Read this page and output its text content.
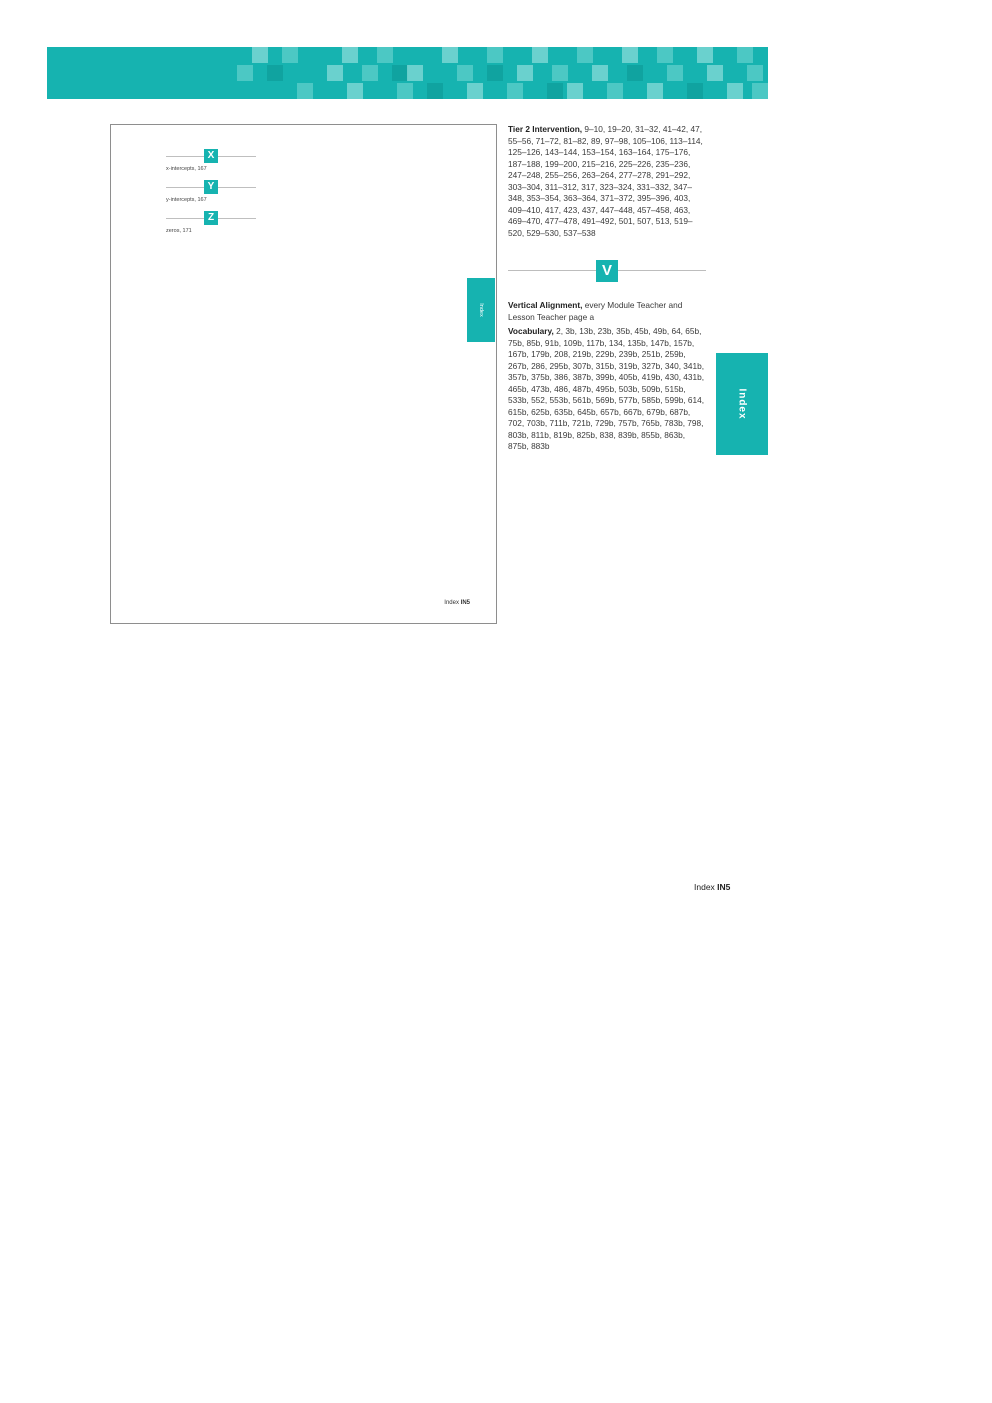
X
x-intercepts, 167
Y
y-intercepts, 167
Z
zeros, 171
Index
Index IN5

Tier 2 Intervention, 9–10, 19–20, 31–32, 41–42, 47, 55–56, 71–72, 81–82, 89, 97–98, 105–106, 113–114, 125–126, 143–144, 153–154, 163–164, 175–176, 187–188, 199–200, 215–216, 225–226, 235–236, 247–248, 255–256, 263–264, 277–278, 291–292, 303–304, 311–312, 317, 323–324, 331–332, 347–348, 353–354, 363–364, 371–372, 395–396, 403, 409–410, 417, 423, 437, 447–448, 457–458, 463, 469–470, 477–478, 491–492, 501, 507, 513, 519–520, 529–530, 537–538

V

Vertical Alignment, every Module Teacher and Lesson Teacher page a

Vocabulary, 2, 3b, 13b, 23b, 35b, 45b, 49b, 64, 65b, 75b, 85b, 91b, 109b, 117b, 134, 135b, 147b, 157b, 167b, 179b, 208, 219b, 229b, 239b, 251b, 259b, 267b, 286, 295b, 307b, 315b, 319b, 327b, 340, 341b, 357b, 375b, 386, 387b, 399b, 405b, 419b, 430, 431b, 465b, 473b, 486, 487b, 495b, 503b, 509b, 515b, 533b, 552, 553b, 561b, 569b, 577b, 585b, 599b, 614, 615b, 625b, 635b, 645b, 657b, 667b, 679b, 687b, 702, 703b, 711b, 721b, 729b, 757b, 765b, 783b, 798, 803b, 811b, 819b, 825b, 838, 839b, 855b, 863b, 875b, 883b

Index
Index IN5
